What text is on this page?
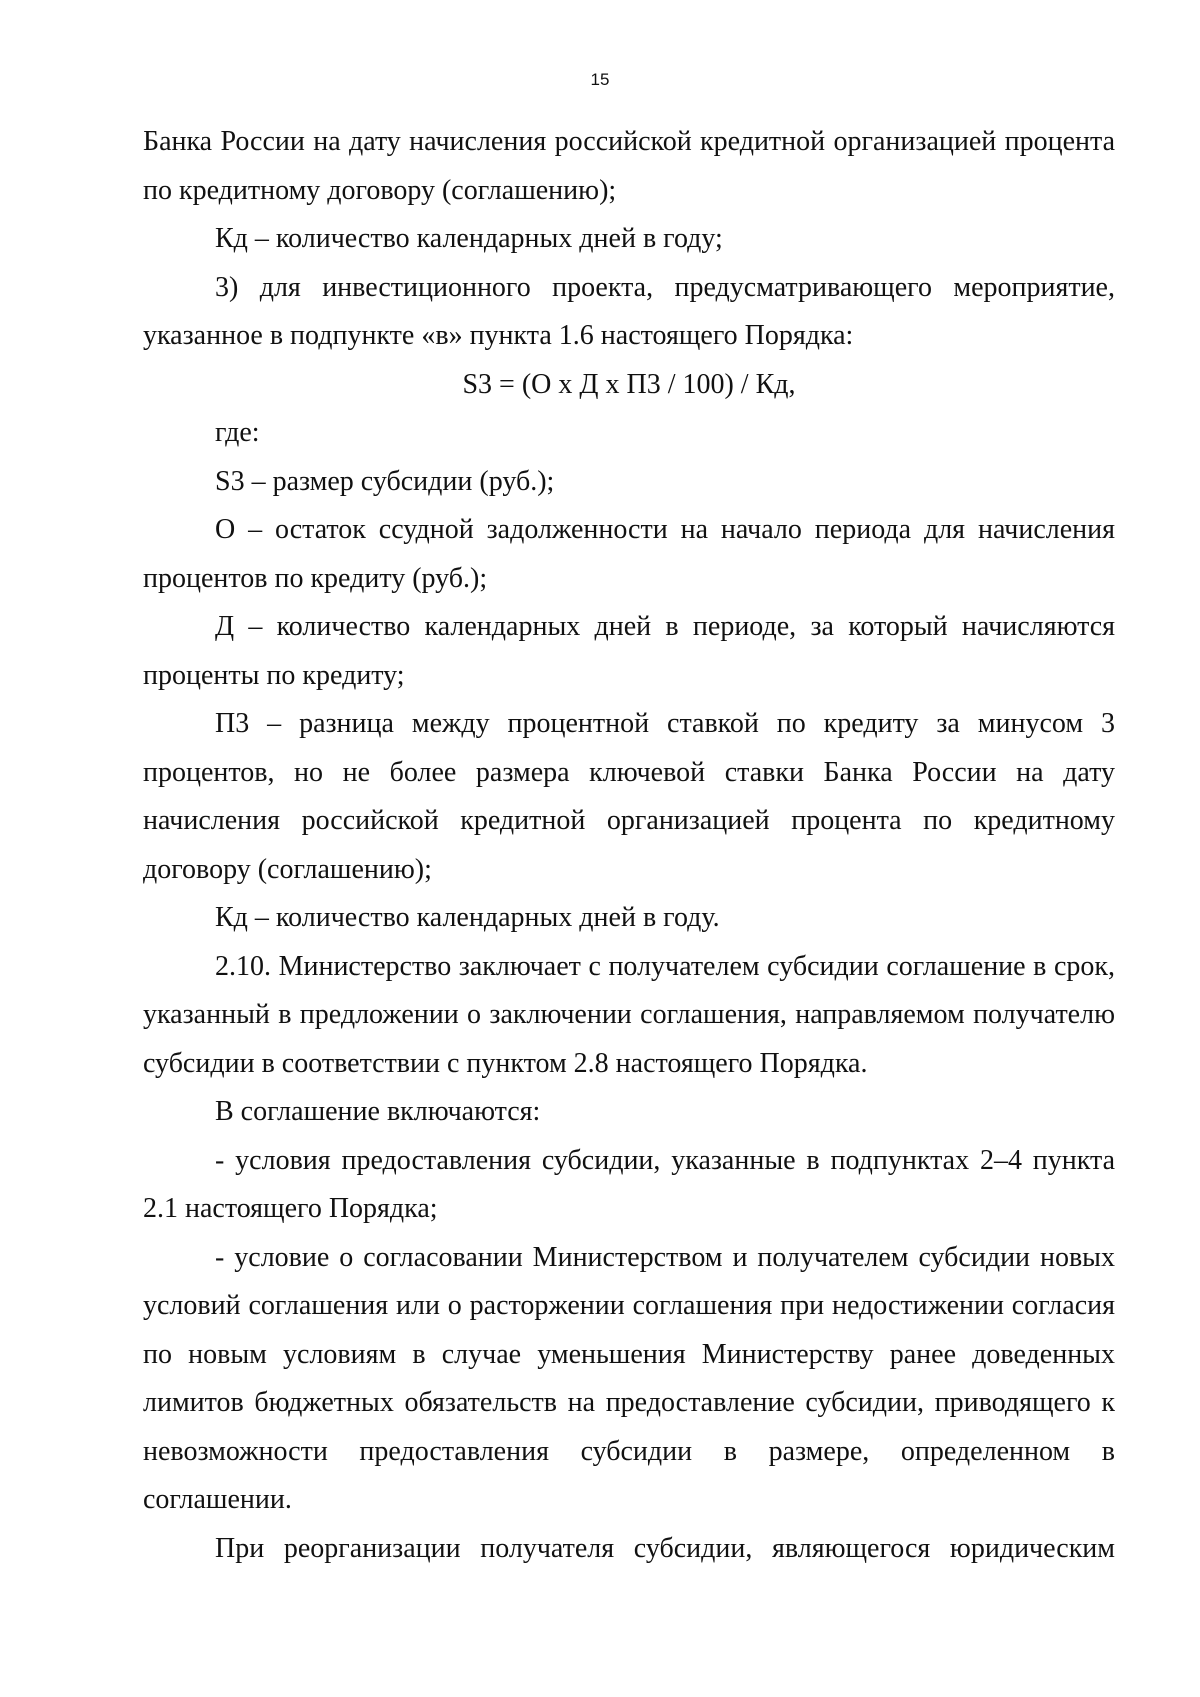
15

Банка России на дату начисления российской кредитной организацией процента по кредитному договору (соглашению);

Кд – количество календарных дней в году;

3) для инвестиционного проекта, предусматривающего мероприятие, указанное в подпункте «в» пункта 1.6 настоящего Порядка:

S3 = (О х Д х П3 / 100) / Кд,

где:

S3 – размер субсидии (руб.);

О – остаток ссудной задолженности на начало периода для начисления процентов по кредиту (руб.);

Д – количество календарных дней в периоде, за который начисляются проценты по кредиту;

П3 – разница между процентной ставкой по кредиту за минусом 3 процентов, но не более размера ключевой ставки Банка России на дату начисления российской кредитной организацией процента по кредитному договору (соглашению);

Кд – количество календарных дней в году.

2.10. Министерство заключает с получателем субсидии соглашение в срок, указанный в предложении о заключении соглашения, направляемом получателю субсидии в соответствии с пунктом 2.8 настоящего Порядка.

В соглашение включаются:

- условия предоставления субсидии, указанные в подпунктах 2–4 пункта 2.1 настоящего Порядка;

- условие о согласовании Министерством и получателем субсидии новых условий соглашения или о расторжении соглашения при недостижении согласия по новым условиям в случае уменьшения Министерству ранее доведенных лимитов бюджетных обязательств на предоставление субсидии, приводящего к невозможности предоставления субсидии в размере, определенном в соглашении.

При реорганизации получателя субсидии, являющегося юридическим
